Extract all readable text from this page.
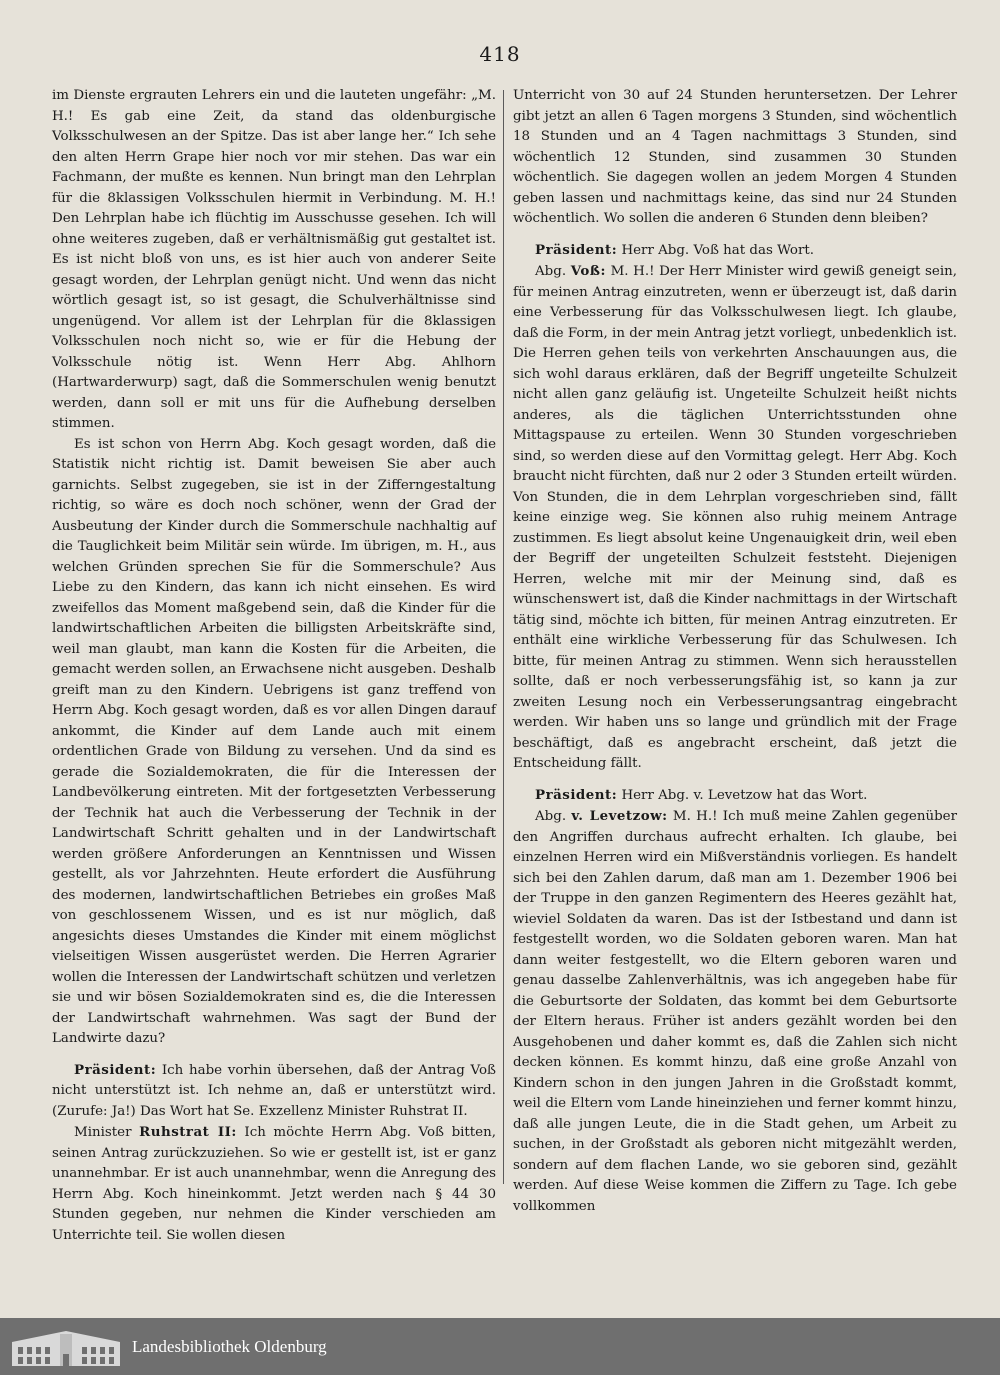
418

im Dienste ergrauten Lehrers ein und die lauteten ungefähr: „M. H.! Es gab eine Zeit, da stand das oldenburgische Volksschulwesen an der Spitze. Das ist aber lange her.“ Ich sehe den alten Herrn Grape hier noch vor mir stehen. Das war ein Fachmann, der mußte es kennen. Nun bringt man den Lehrplan für die 8klassigen Volksschulen hiermit in Verbindung. M. H.! Den Lehrplan habe ich flüchtig im Ausschusse gesehen. Ich will ohne weiteres zugeben, daß er verhältnismäßig gut gestaltet ist. Es ist nicht bloß von uns, es ist hier auch von anderer Seite gesagt worden, der Lehrplan genügt nicht. Und wenn das nicht wörtlich gesagt ist, so ist gesagt, die Schulverhältnisse sind ungenügend. Vor allem ist der Lehrplan für die 8klassigen Volksschulen noch nicht so, wie er für die Hebung der Volksschule nötig ist. Wenn Herr Abg. Ahlhorn (Hartwarderwurp) sagt, daß die Sommerschulen wenig benutzt werden, dann soll er mit uns für die Aufhebung derselben stimmen.

Es ist schon von Herrn Abg. Koch gesagt worden, daß die Statistik nicht richtig ist. Damit beweisen Sie aber auch garnichts. Selbst zugegeben, sie ist in der Zifferngestaltung richtig, so wäre es doch noch schöner, wenn der Grad der Ausbeutung der Kinder durch die Sommerschule nachhaltig auf die Tauglichkeit beim Militär sein würde. Im übrigen, m. H., aus welchen Gründen sprechen Sie für die Sommerschule? Aus Liebe zu den Kindern, das kann ich nicht einsehen. Es wird zweifellos das Moment maßgebend sein, daß die Kinder für die landwirtschaftlichen Arbeiten die billigsten Arbeitskräfte sind, weil man glaubt, man kann die Kosten für die Arbeiten, die gemacht werden sollen, an Erwachsene nicht ausgeben. Deshalb greift man zu den Kindern. Uebrigens ist ganz treffend von Herrn Abg. Koch gesagt worden, daß es vor allen Dingen darauf ankommt, die Kinder auf dem Lande auch mit einem ordentlichen Grade von Bildung zu versehen. Und da sind es gerade die Sozialdemokraten, die für die Interessen der Landbevölkerung eintreten. Mit der fortgesetzten Verbesserung der Technik hat auch die Verbesserung der Technik in der Landwirtschaft Schritt gehalten und in der Landwirtschaft werden größere Anforderungen an Kenntnissen und Wissen gestellt, als vor Jahrzehnten. Heute erfordert die Ausführung des modernen, landwirtschaftlichen Betriebes ein großes Maß von geschlossenem Wissen, und es ist nur möglich, daß angesichts dieses Umstandes die Kinder mit einem möglichst vielseitigen Wissen ausgerüstet werden. Die Herren Agrarier wollen die Interessen der Landwirtschaft schützen und verletzen sie und wir bösen Sozialdemokraten sind es, die die Interessen der Landwirtschaft wahrnehmen. Was sagt der Bund der Landwirte dazu?

Präsident: Ich habe vorhin übersehen, daß der Antrag Voß nicht unterstützt ist. Ich nehme an, daß er unterstützt wird. (Zurufe: Ja!) Das Wort hat Se. Exzellenz Minister Ruhstrat II.

Minister Ruhstrat II: Ich möchte Herrn Abg. Voß bitten, seinen Antrag zurückzuziehen. So wie er gestellt ist, ist er ganz unannehmbar. Er ist auch unannehmbar, wenn die Anregung des Herrn Abg. Koch hineinkommt. Jetzt werden nach § 44 30 Stunden gegeben, nur nehmen die Kinder verschieden am Unterrichte teil. Sie wollen diesen

Unterricht von 30 auf 24 Stunden heruntersetzen. Der Lehrer gibt jetzt an allen 6 Tagen morgens 3 Stunden, sind wöchentlich 18 Stunden und an 4 Tagen nachmittags 3 Stunden, sind wöchentlich 12 Stunden, sind zusammen 30 Stunden wöchentlich. Sie dagegen wollen an jedem Morgen 4 Stunden geben lassen und nachmittags keine, das sind nur 24 Stunden wöchentlich. Wo sollen die anderen 6 Stunden denn bleiben?

Präsident: Herr Abg. Voß hat das Wort.

Abg. Voß: M. H.! Der Herr Minister wird gewiß geneigt sein, für meinen Antrag einzutreten, wenn er überzeugt ist, daß darin eine Verbesserung für das Volksschulwesen liegt. Ich glaube, daß die Form, in der mein Antrag jetzt vorliegt, unbedenklich ist. Die Herren gehen teils von verkehrten Anschauungen aus, die sich wohl daraus erklären, daß der Begriff ungeteilte Schulzeit nicht allen ganz geläufig ist. Ungeteilte Schulzeit heißt nichts anderes, als die täglichen Unterrichtsstunden ohne Mittagspause zu erteilen. Wenn 30 Stunden vorgeschrieben sind, so werden diese auf den Vormittag gelegt. Herr Abg. Koch braucht nicht fürchten, daß nur 2 oder 3 Stunden erteilt würden. Von Stunden, die in dem Lehrplan vorgeschrieben sind, fällt keine einzige weg. Sie können also ruhig meinem Antrage zustimmen. Es liegt absolut keine Ungenauigkeit drin, weil eben der Begriff der ungeteilten Schulzeit feststeht. Diejenigen Herren, welche mit mir der Meinung sind, daß es wünschenswert ist, daß die Kinder nachmittags in der Wirtschaft tätig sind, möchte ich bitten, für meinen Antrag einzutreten. Er enthält eine wirkliche Verbesserung für das Schulwesen. Ich bitte, für meinen Antrag zu stimmen. Wenn sich herausstellen sollte, daß er noch verbesserungsfähig ist, so kann ja zur zweiten Lesung noch ein Verbesserungsantrag eingebracht werden. Wir haben uns so lange und gründlich mit der Frage beschäftigt, daß es angebracht erscheint, daß jetzt die Entscheidung fällt.

Präsident: Herr Abg. v. Levetzow hat das Wort.

Abg. v. Levetzow: M. H.! Ich muß meine Zahlen gegenüber den Angriffen durchaus aufrecht erhalten. Ich glaube, bei einzelnen Herren wird ein Mißverständnis vorliegen. Es handelt sich bei den Zahlen darum, daß man am 1. Dezember 1906 bei der Truppe in den ganzen Regimentern des Heeres gezählt hat, wieviel Soldaten da waren. Das ist der Istbestand und dann ist festgestellt worden, wo die Soldaten geboren waren. Man hat dann weiter festgestellt, wo die Eltern geboren waren und genau dasselbe Zahlenverhältnis, was ich angegeben habe für die Geburtsorte der Soldaten, das kommt bei dem Geburtsorte der Eltern heraus. Früher ist anders gezählt worden bei den Ausgehobenen und daher kommt es, daß die Zahlen sich nicht decken können. Es kommt hinzu, daß eine große Anzahl von Kindern schon in den jungen Jahren in die Großstadt kommt, weil die Eltern vom Lande hineinziehen und ferner kommt hinzu, daß alle jungen Leute, die in die Stadt gehen, um Arbeit zu suchen, in der Großstadt als geboren nicht mitgezählt werden, sondern auf dem flachen Lande, wo sie geboren sind, gezählt werden. Auf diese Weise kommen die Ziffern zu Tage. Ich gebe vollkommen

Landesbibliothek Oldenburg
